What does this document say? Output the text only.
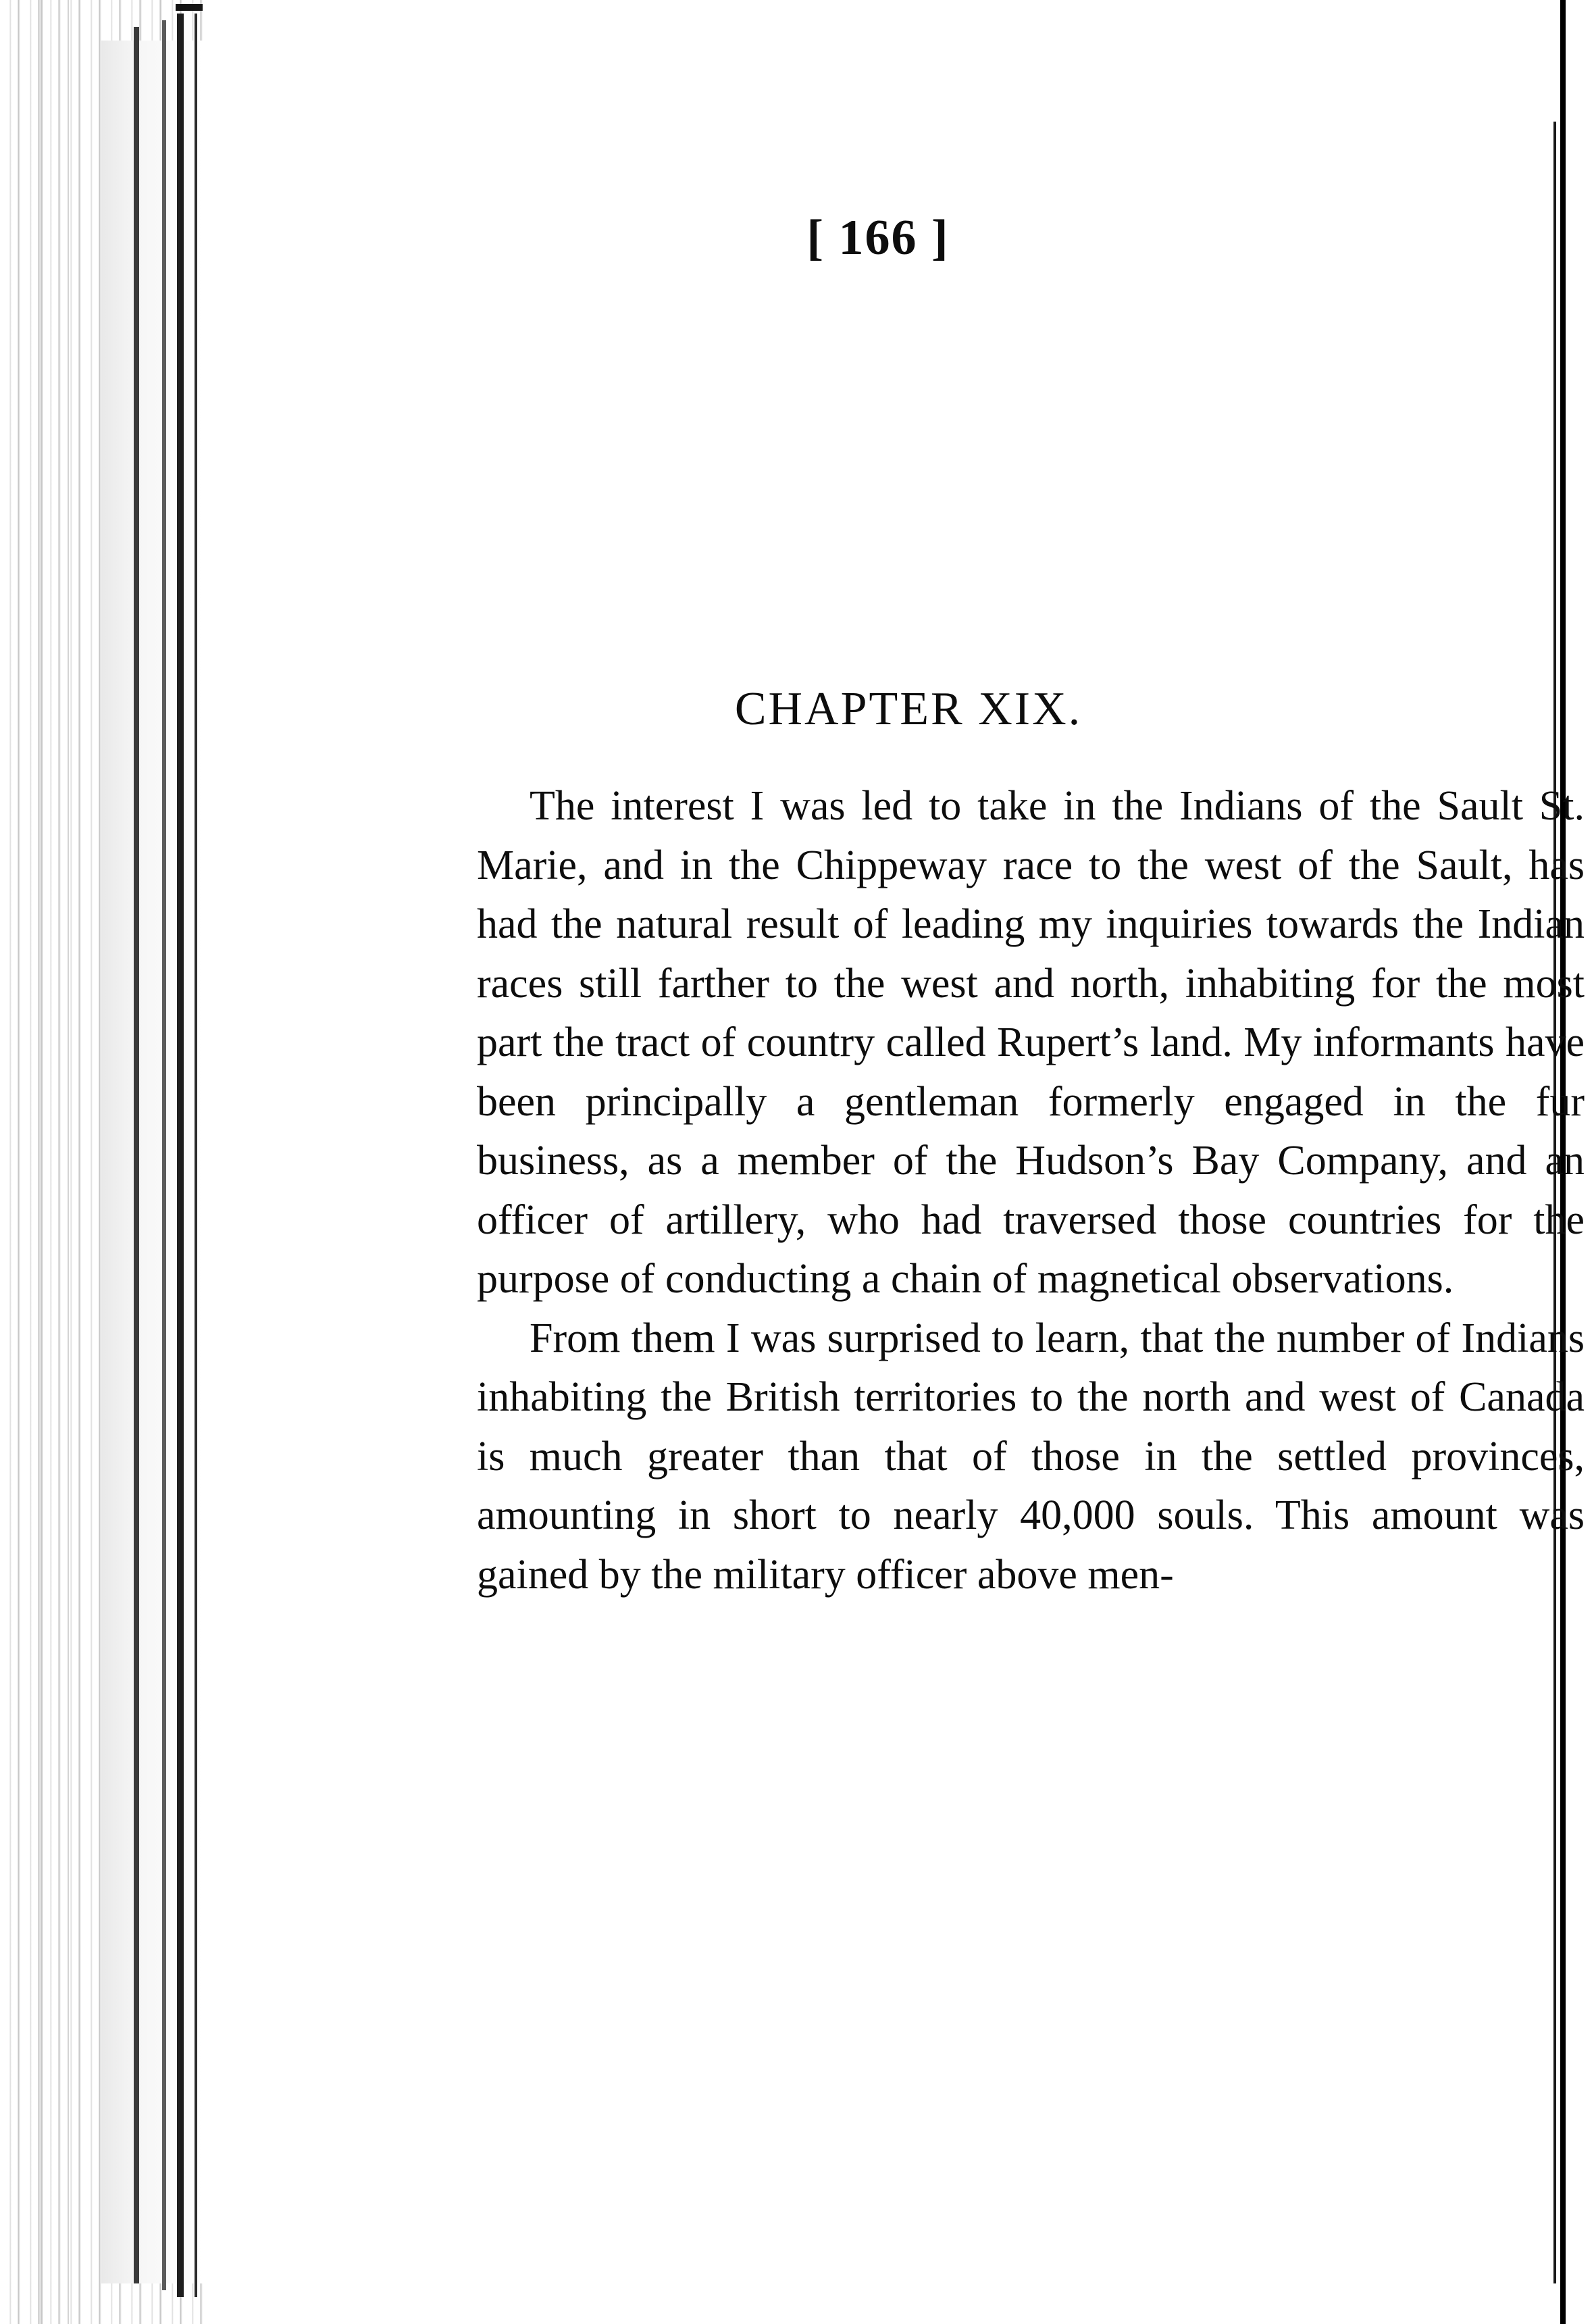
[ 166 ]
CHAPTER XIX.

The interest I was led to take in the Indians of the Sault St. Marie, and in the Chippeway race to the west of the Sault, has had the natural result of leading my inquiries towards the Indian races still farther to the west and north, inhabiting for the most part the tract of country called Rupert’s land. My informants have been principally a gentleman formerly engaged in the fur business, as a member of the Hudson’s Bay Company, and an officer of artillery, who had traversed those countries for the purpose of conducting a chain of magnetical observations.

From them I was surprised to learn, that the number of Indians inhabiting the British territories to the north and west of Canada is much greater than that of those in the settled provinces, amounting in short to nearly 40,000 souls. This amount was gained by the military officer above men-
